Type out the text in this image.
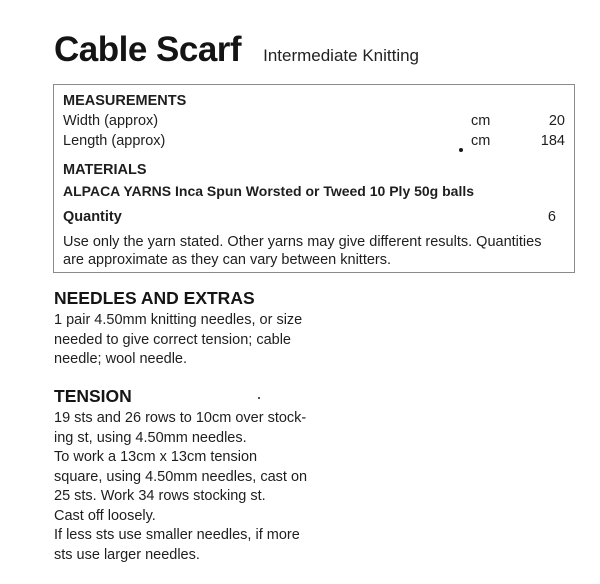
Cable Scarf Intermediate Knitting
MEASUREMENTS
Width (approx)	cm	20
Length (approx)	cm	184
MATERIALS
ALPACA YARNS Inca Spun Worsted or Tweed 10 Ply 50g balls
Quantity	6
Use only the yarn stated. Other yarns may give different results. Quantities
are approximate as they can vary between knitters.
NEEDLES AND EXTRAS
1 pair 4.50mm knitting needles, or size
needed to give correct tension; cable
needle; wool needle.
TENSION
19 sts and 26 rows to 10cm over stock-
ing st, using 4.50mm needles.
To work a 13cm x 13cm tension
square, using 4.50mm needles, cast on
25 sts. Work 34 rows stocking st.
Cast off loosely.
If less sts use smaller needles, if more
sts use larger needles.
